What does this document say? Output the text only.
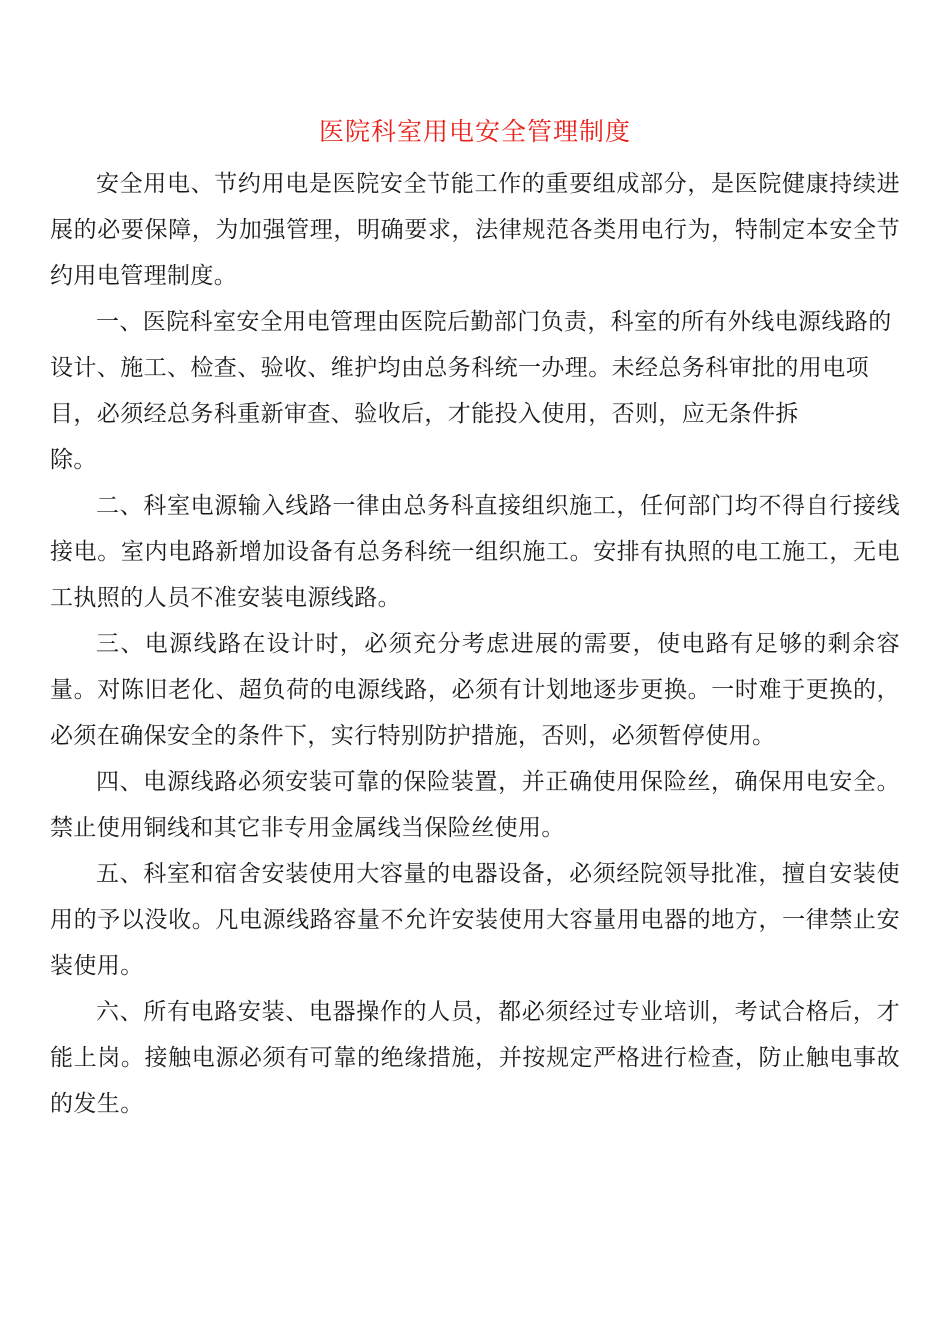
医院科室用电安全管理制度

安全用电、节约用电是医院安全节能工作的重要组成部分，是医院健康持续进展的必要保障，为加强管理，明确要求，法律规范各类用电行为，特制定本安全节约用电管理制度。

一、医院科室安全用电管理由医院后勤部门负责，科室的所有外线电源线路的设计、施工、检查、验收、维护均由总务科统一办理。未经总务科审批的用电项目，必须经总务科重新审查、验收后，才能投入使用，否则，应无条件拆

除。

二、科室电源输入线路一律由总务科直接组织施工，任何部门均不得自行接线接电。室内电路新增加设备有总务科统一组织施工。安排有执照的电工施工，无电工执照的人员不准安装电源线路。

三、电源线路在设计时，必须充分考虑进展的需要，使电路有足够的剩余容量。对陈旧老化、超负荷的电源线路，必须有计划地逐步更换。一时难于更换的，必须在确保安全的条件下，实行特别防护措施，否则，必须暂停使用。

四、电源线路必须安装可靠的保险装置，并正确使用保险丝，确保用电安全。禁止使用铜线和其它非专用金属线当保险丝使用。

五、科室和宿舍安装使用大容量的电器设备，必须经院领导批准，擅自安装使用的予以没收。凡电源线路容量不允许安装使用大容量用电器的地方，一律禁止安装使用。

六、所有电路安装、电器操作的人员，都必须经过专业培训，考试合格后，才能上岗。接触电源必须有可靠的绝缘措施，并按规定严格进行检查，防止触电事故的发生。
